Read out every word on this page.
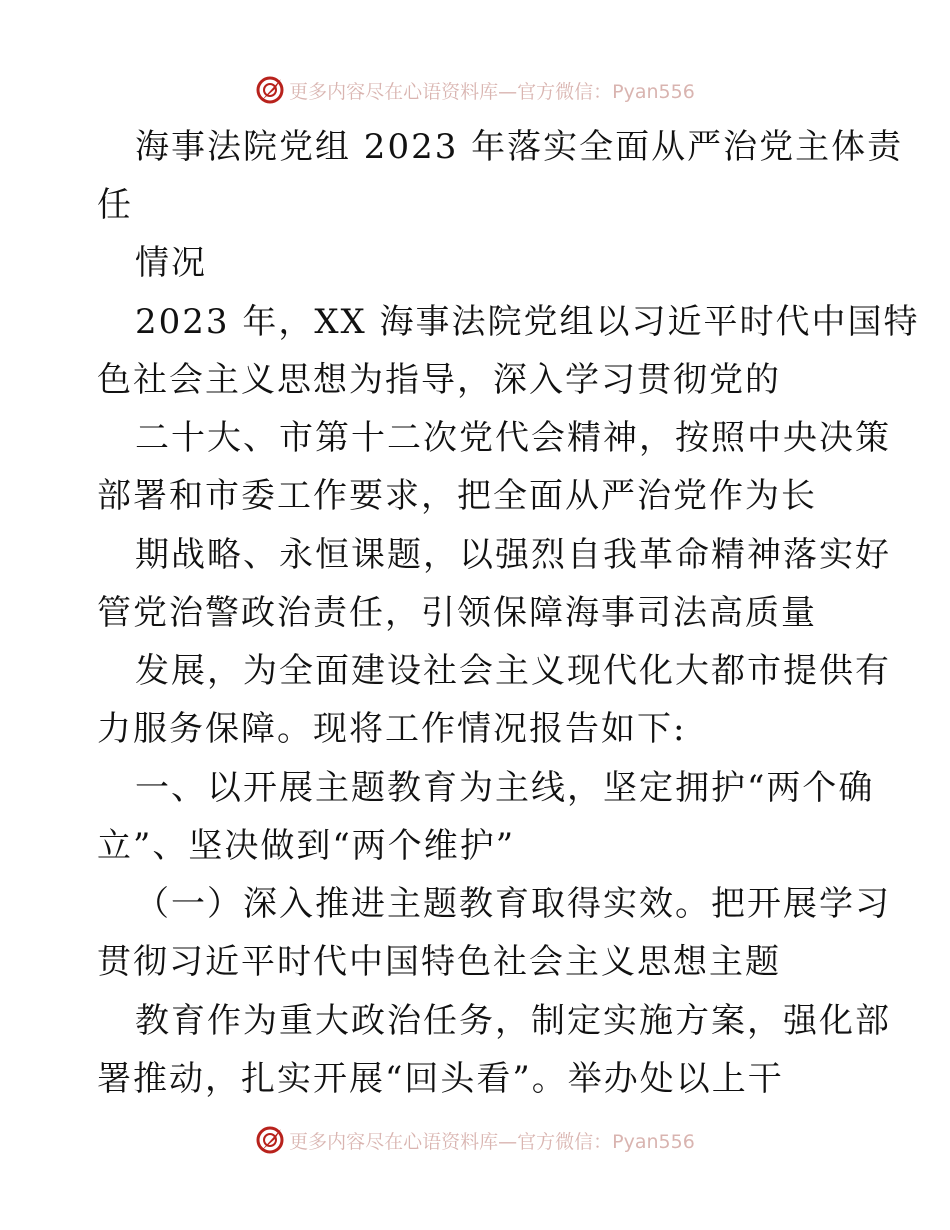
更多内容尽在心语资料库—官方微信：Pyan556
海事法院党组 2023 年落实全面从严治党主体责
任
情况
2023 年，XX 海事法院党组以习近平时代中国特
色社会主义思想为指导，深入学习贯彻党的
二十大、市第十二次党代会精神，按照中央决策
部署和市委工作要求，把全面从严治党作为长
期战略、永恒课题，以强烈自我革命精神落实好
管党治警政治责任，引领保障海事司法高质量
发展，为全面建设社会主义现代化大都市提供有
力服务保障。现将工作情况报告如下:
一、以开展主题教育为主线，坚定拥护“两个确
立”、坚决做到“两个维护”
（一）深入推进主题教育取得实效。把开展学习
贯彻习近平时代中国特色社会主义思想主题
教育作为重大政治任务，制定实施方案，强化部
署推动，扎实开展“回头看”。举办处以上干
更多内容尽在心语资料库—官方微信：Pyan556
